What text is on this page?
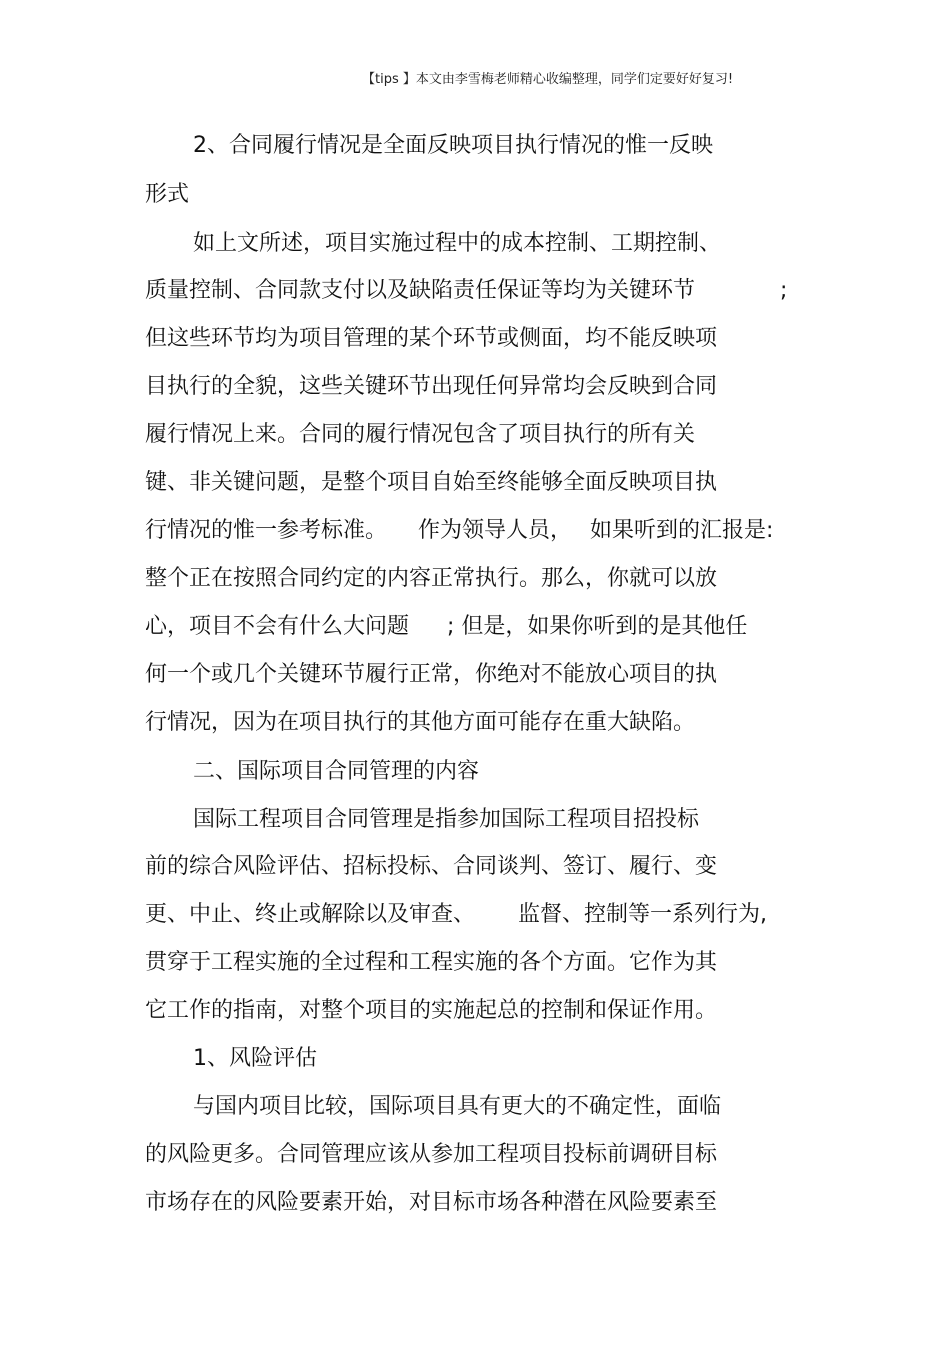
【tips 】本文由李雪梅老师精心收编整理，同学们定要好好复习!
2、合同履行情况是全面反映项目执行情况的惟一反映
形式
如上文所述，项目实施过程中的成本控制、工期控制、
质量控制、合同款支付以及缺陷责任保证等均为关键环节	;
但这些环节均为项目管理的某个环节或侧面，均不能反映项
目执行的全貌，这些关键环节出现任何异常均会反映到合同
履行情况上来。合同的履行情况包含了项目执行的所有关
键、非关键问题，是整个项目自始至终能够全面反映项目执
行情况的惟一参考标准。 作为领导人员， 如果听到的汇报是:
整个正在按照合同约定的内容正常执行。那么，你就可以放
心，项目不会有什么大问题 ; 但是，如果你听到的是其他任
何一个或几个关键环节履行正常，你绝对不能放心项目的执
行情况，因为在项目执行的其他方面可能存在重大缺陷。
二、国际项目合同管理的内容
国际工程项目合同管理是指参加国际工程项目招投标
前的综合风险评估、招标投标、合同谈判、签订、履行、变
更、中止、终止或解除以及审查、 监督、控制等一系列行为,
贯穿于工程实施的全过程和工程实施的各个方面。它作为其
它工作的指南，对整个项目的实施起总的控制和保证作用。
1、风险评估
与国内项目比较，国际项目具有更大的不确定性，面临
的风险更多。合同管理应该从参加工程项目投标前调研目标
市场存在的风险要素开始，对目标市场各种潜在风险要素至
